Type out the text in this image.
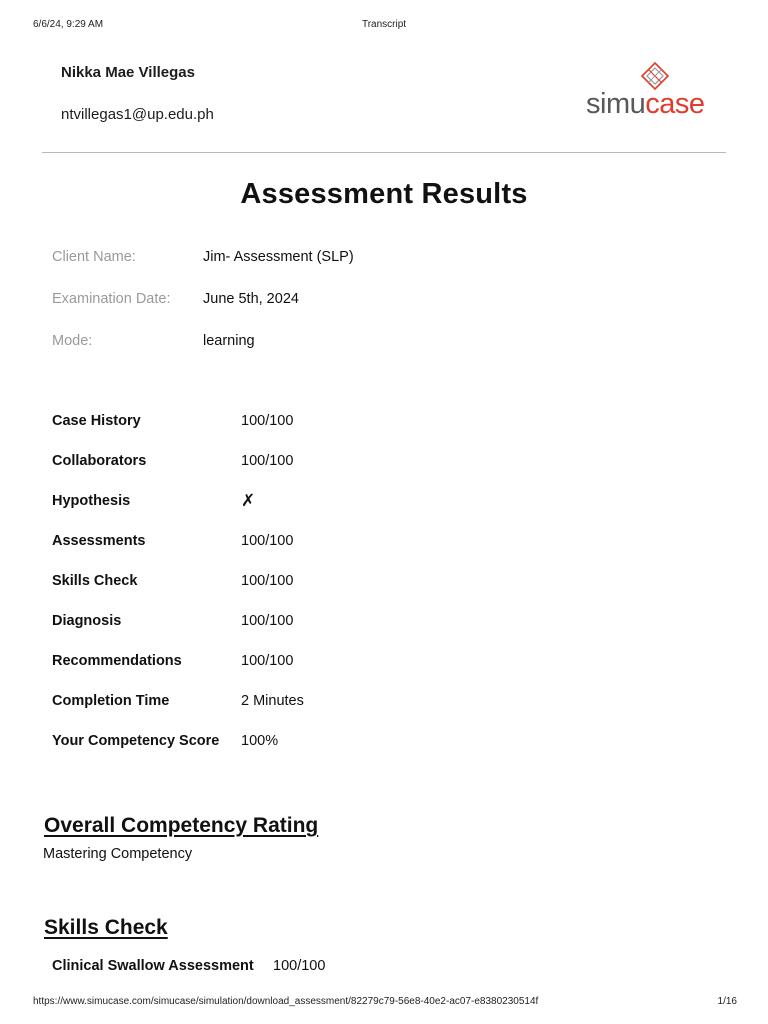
6/6/24, 9:29 AM	Transcript
Nikka Mae Villegas
ntvillegas1@up.edu.ph	simucase
Assessment Results
Client Name:	Jim- Assessment (SLP)
Examination Date: June 5th, 2024
Mode:	learning
Case History	100/100
Collaborators	100/100
Hypothesis	✗
Assessments	100/100
Skills Check	100/100
Diagnosis	100/100
Recommendations	100/100
Completion Time	2 Minutes
Your Competency Score 100%
Overall Competency Rating
Mastering Competency
Skills Check
Clinical Swallow Assessment 100/100
https://www.simucase.com/simucase/simulation/download_assessment/82279c79-56e8-40e2-ac07-e8380230514f	1/16
